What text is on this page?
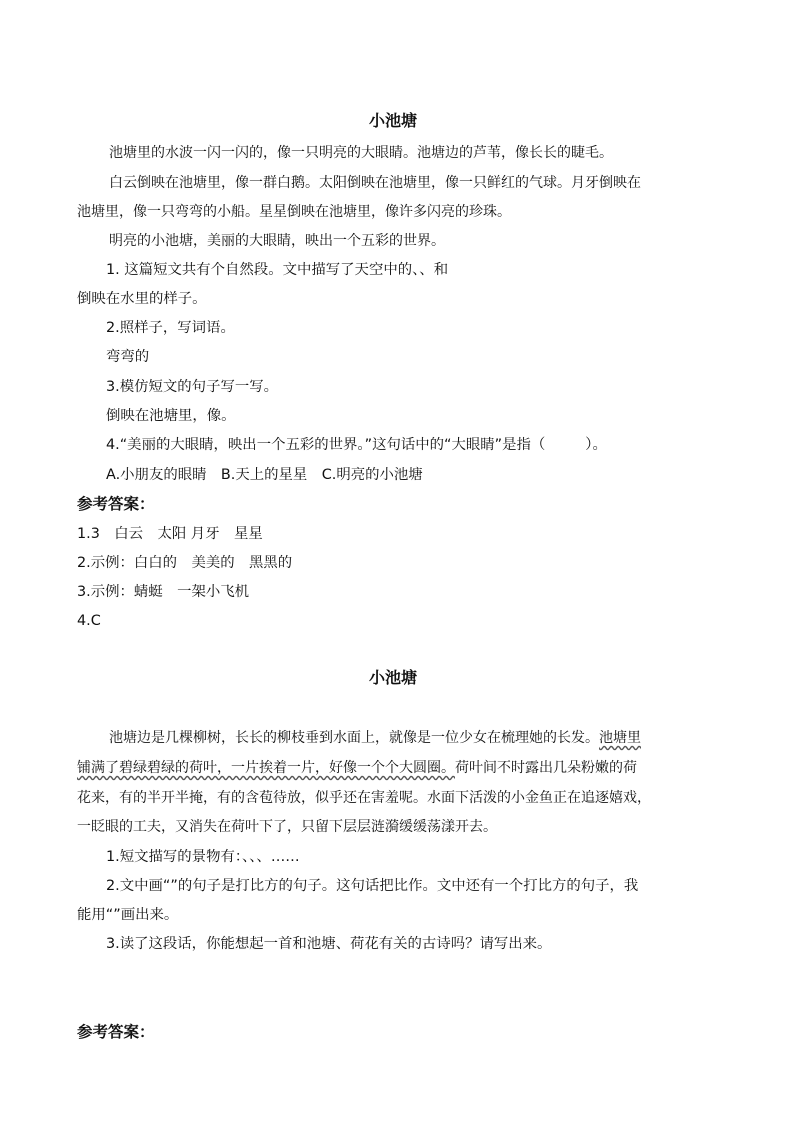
小池塘
池塘里的水波一闪一闪的，像一只明亮的大眼睛。池塘边的芦苇，像长长的睫毛。
白云倒映在池塘里，像一群白鹅。太阳倒映在池塘里，像一只鲜红的气球。月牙倒映在
池塘里，像一只弯弯的小船。星星倒映在池塘里，像许多闪亮的珍珠。
明亮的小池塘，美丽的大眼睛，映出一个五彩的世界。
1. 这篇短文共有个自然段。文中描写了天空中的、、和
倒映在水里的样子。
2.照样子，写词语。
弯弯的
3.模仿短文的句子写一写。
倒映在池塘里，像。
4.“美丽的大眼睛，映出一个五彩的世界。”这句话中的“大眼睛”是指（	）。
A.小朋友的眼睛　B.天上的星星　C.明亮的小池塘
参考答案：
1.3　白云　太阳 月牙　星星
2.示例：白白的　美美的　黑黑的
3.示例：蜻蜓　一架小飞机
4.C
小池塘
池塘边是几棵柳树，长长的柳枝垂到水面上，就像是一位少女在梳理她的长发。池塘里
铺满了碧绿碧绿的荷叶，一片挨着一片，好像一个个大圆圈。荷叶间不时露出几朵粉嫩的荷
花来，有的半开半掩，有的含苞待放，似乎还在害羞呢。水面下活泼的小金鱼正在追逐嬉戏，
一眨眼的工夫，又消失在荷叶下了，只留下层层涟漪缓缓荡漾开去。
1.短文描写的景物有：、、、……
2.文中画“”的句子是打比方的句子。这句话把比作。文中还有一个打比方的句子，我
能用“”画出来。
3.读了这段话，你能想起一首和池塘、荷花有关的古诗吗？请写出来。
参考答案：
